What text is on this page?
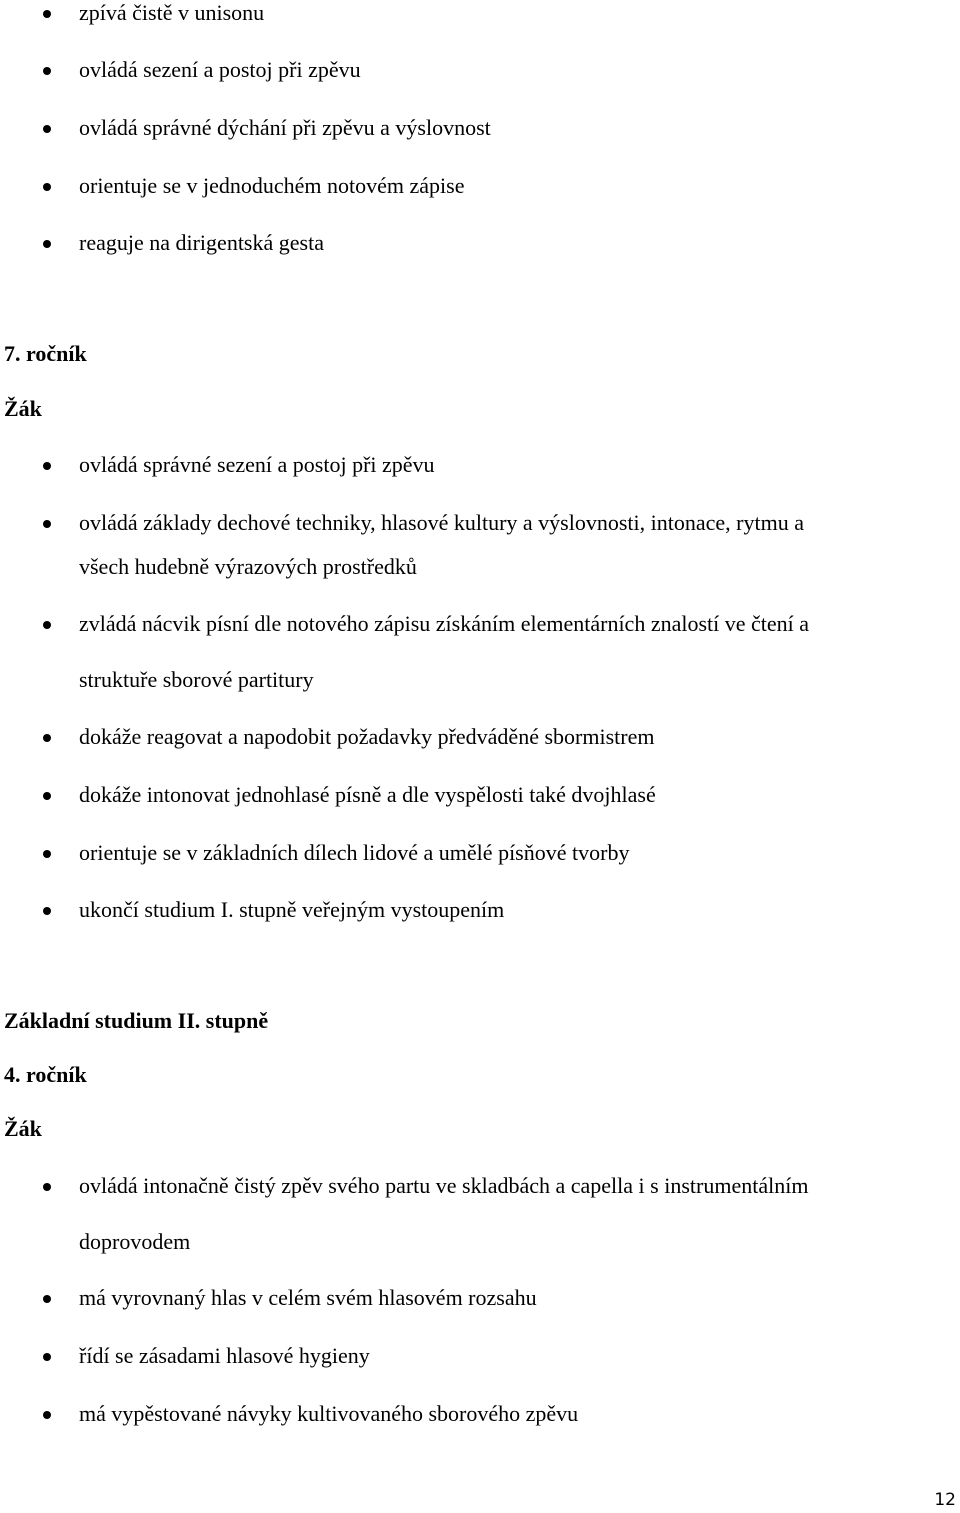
zpívá čistě v unisonu
ovládá sezení a postoj při zpěvu
ovládá správné dýchání při zpěvu a výslovnost
orientuje se v jednoduchém notovém zápise
reaguje na dirigentská gesta
7. ročník
Žák
ovládá správné sezení a postoj při zpěvu
ovládá základy dechové techniky, hlasové kultury a výslovnosti, intonace, rytmu a
všech hudebně výrazových prostředků
zvládá nácvik písní dle notového zápisu získáním elementárních znalostí ve čtení a
struktuře sborové partitury
dokáže reagovat a napodobit požadavky předváděné sbormistrem
dokáže intonovat jednohlasé písně a dle vyspělosti také dvojhlasé
orientuje se v základních dílech lidové a umělé písňové tvorby
ukončí studium I. stupně veřejným vystoupením
Základní studium II. stupně
4. ročník
Žák
ovládá intonačně čistý zpěv svého partu ve skladbách a capella i s instrumentálním
doprovodem
má vyrovnaný hlas v celém svém hlasovém rozsahu
řídí se zásadami hlasové hygieny
má vypěstované návyky kultivovaného sborového zpěvu
12
